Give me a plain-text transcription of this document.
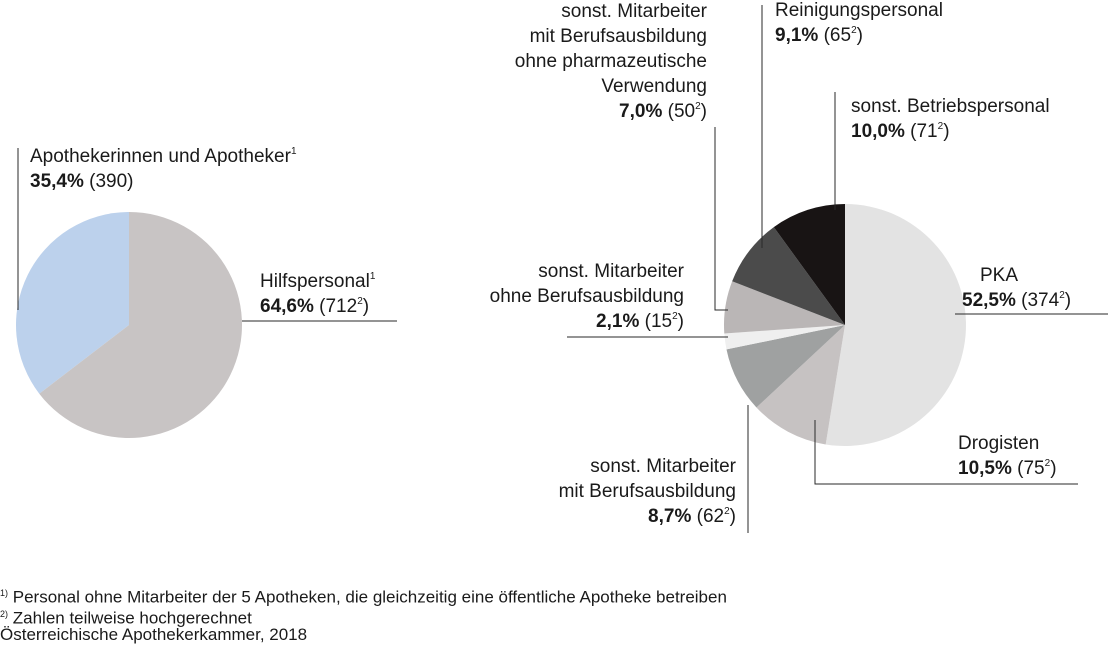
Apothekerinnen und Apotheker$^1$
35,4% (390)
Hilfspersonal$^1$
64,6% $(712^2)$
PKA
52,5% $(374^2)$
Drogisten
10,5% $(75^2)$
sonst. Mitarbeiter
mit Berufsausbildung
8,7% $(62^2)$
sonst. Mitarbeiter
ohne Berufsausbildung
2,1% $(15^2)$
sonst. Mitarbeiter
mit Berufsausbildung
ohne pharmazeutische
Verwendung
7,0% $(50^2)$
Reinigungspersonal
9,1% $(65^2)$
sonst. Betriebspersonal
10,0% $(71^2)$
$^{1)}$ Personal ohne Mitarbeiter der 5 Apotheken, die gleichzeitig eine öffentliche Apotheke betreiben
$^{2)}$ Zahlen teilweise hochgerechnet
Österreichische Apothekerkammer, 2018
